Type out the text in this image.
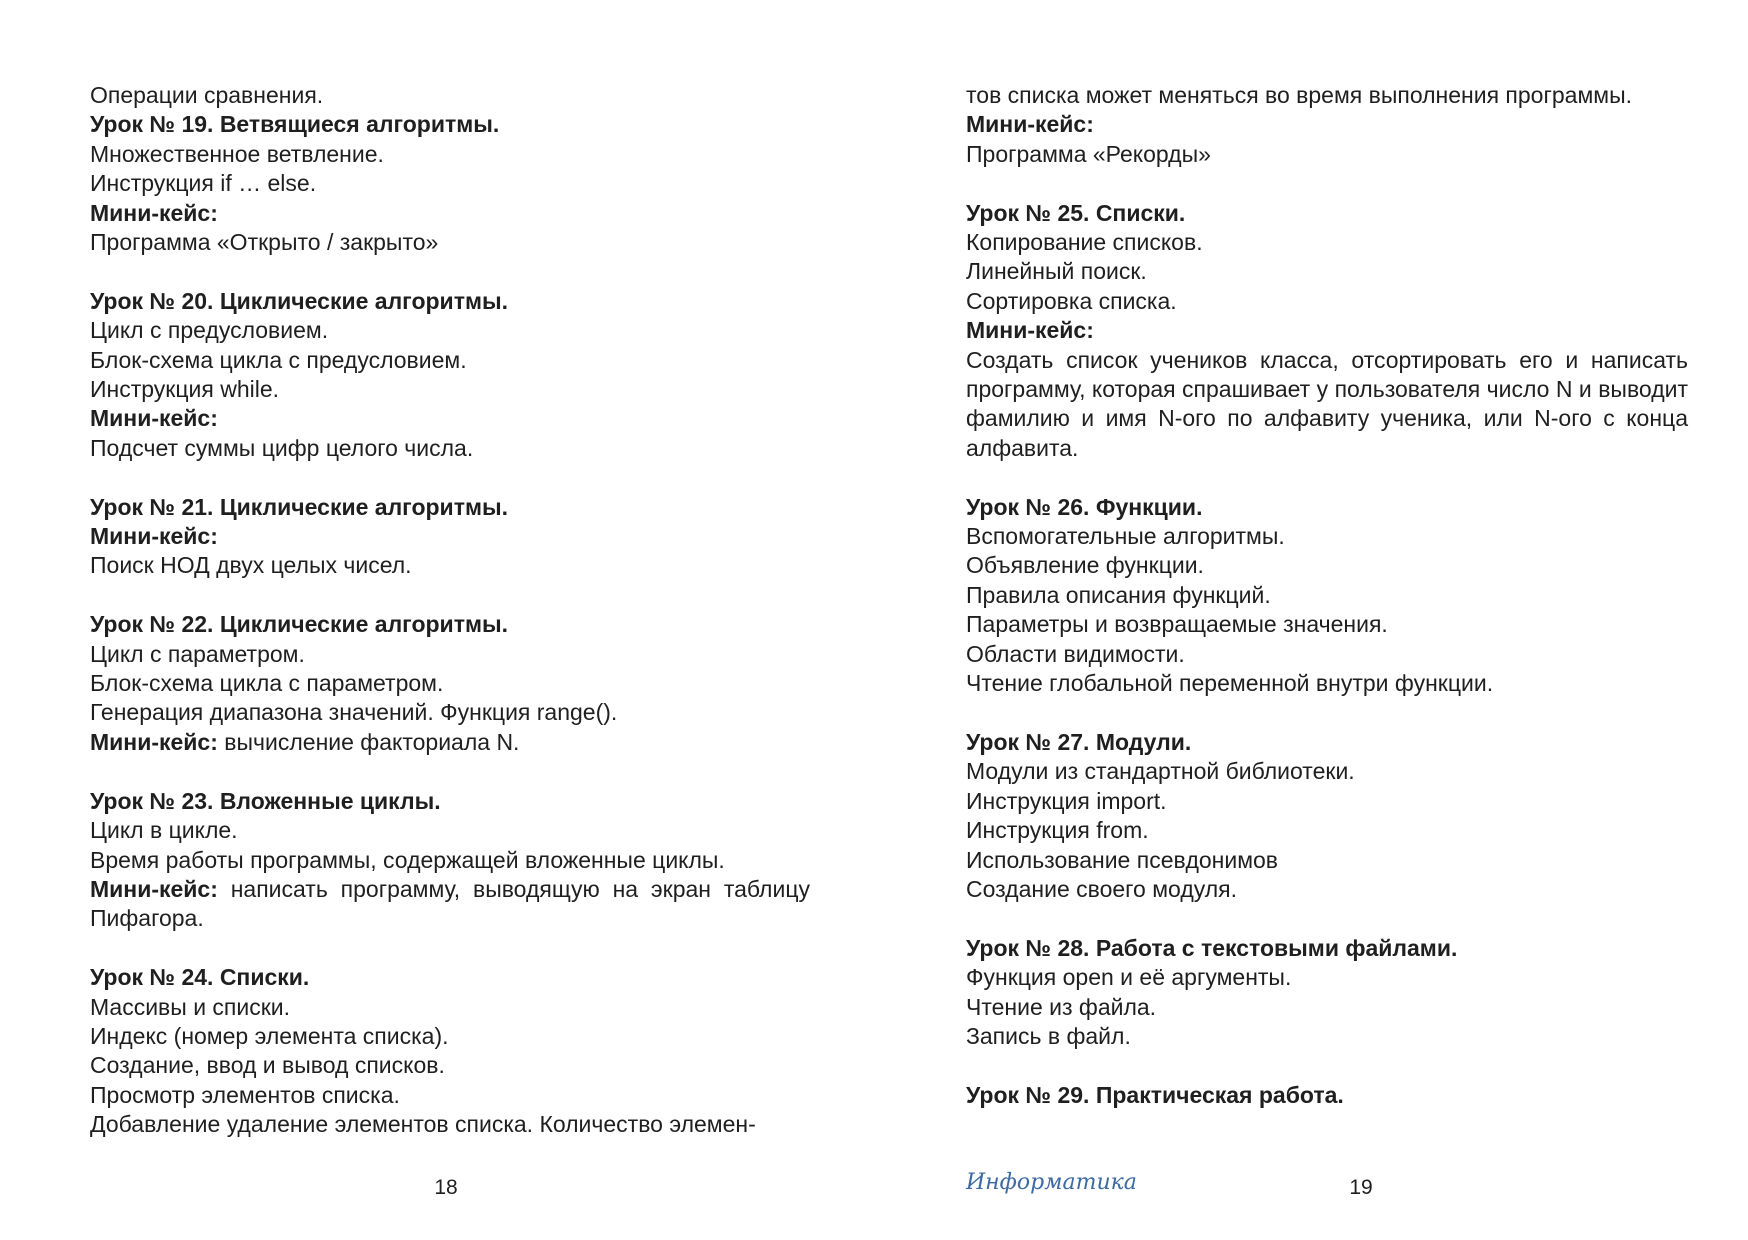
Операции сравнения.
Урок № 19. Ветвящиеся алгоритмы.
Множественное ветвление.
Инструкция if … else.
Мини-кейс:
Программа «Открыто / закрыто»
Урок № 20. Циклические алгоритмы.
Цикл с предусловием.
Блок-схема цикла с предусловием.
Инструкция while.
Мини-кейс:
Подсчет суммы цифр целого числа.
Урок № 21. Циклические алгоритмы.
Мини-кейс:
Поиск НОД двух целых чисел.
Урок № 22. Циклические алгоритмы.
Цикл с параметром.
Блок-схема цикла с параметром.
Генерация диапазона значений. Функция range().
Мини-кейс: вычисление факториала N.
Урок № 23. Вложенные циклы.
Цикл в цикле.
Время работы программы, содержащей вложенные циклы.
Мини-кейс: написать программу, выводящую на экран таблицу Пифагора.
Урок № 24. Списки.
Массивы и списки.
Индекс (номер элемента списка).
Создание, ввод и вывод списков.
Просмотр элементов списка.
Добавление удаление элементов списка. Количество элемен-
18
тов списка может меняться во время выполнения программы.
Мини-кейс:
Программа «Рекорды»
Урок № 25. Списки.
Копирование списков.
Линейный поиск.
Сортировка списка.
Мини-кейс:
Создать список учеников класса, отсортировать его и написать программу, которая спрашивает у пользователя число N и выводит фамилию и имя N-ого по алфавиту ученика, или N-ого с конца алфавита.
Урок № 26. Функции.
Вспомогательные алгоритмы.
Объявление функции.
Правила описания функций.
Параметры и возвращаемые значения.
Области видимости.
Чтение глобальной переменной внутри функции.
Урок № 27. Модули.
Модули из стандартной библиотеки.
Инструкция import.
Инструкция from.
Использование псевдонимов
Создание своего модуля.
Урок № 28. Работа с текстовыми файлами.
Функция open и её аргументы.
Чтение из файла.
Запись в файл.
Урок № 29. Практическая работа.
Информатика	19
